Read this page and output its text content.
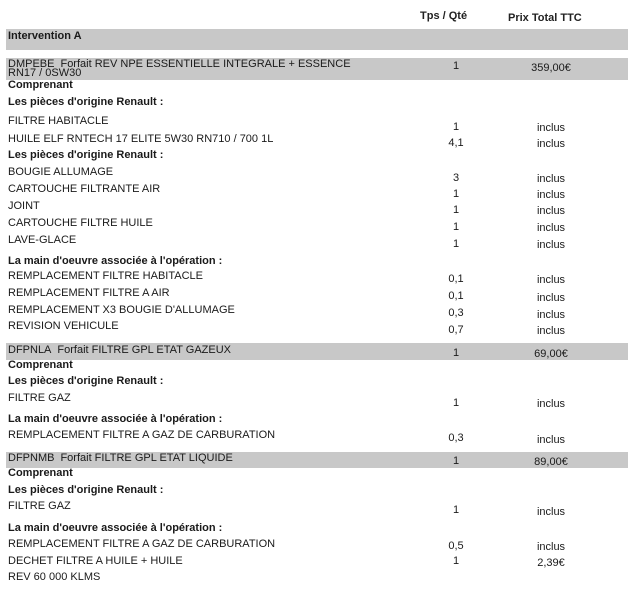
Tps / Qté	Prix Total TTC
Intervention A
DMPEBE Forfait REV NPE ESSENTIELLE INTEGRALE + ESSENCE	1	359,00€
RN17 / 0SW30
Comprenant
Les pièces d'origine Renault :
FILTRE HABITACLE	1	inclus
HUILE ELF RNTECH 17 ELITE 5W30 RN710 / 700 1L	4,1	inclus
Les pièces d'origine Renault :
BOUGIE ALLUMAGE	3	inclus
CARTOUCHE FILTRANTE AIR	1	inclus
JOINT	1	inclus
CARTOUCHE FILTRE HUILE	1	inclus
LAVE-GLACE	1	inclus
La main d'oeuvre associée à l'opération :
REMPLACEMENT FILTRE HABITACLE	0,1	inclus
REMPLACEMENT FILTRE A AIR	0,1	inclus
REMPLACEMENT X3 BOUGIE D'ALLUMAGE	0,3	inclus
REVISION VEHICULE	0,7	inclus
DFPNLA Forfait FILTRE GPL ETAT GAZEUX	1	69,00€
Comprenant
Les pièces d'origine Renault :
FILTRE GAZ	1	inclus
La main d'oeuvre associée à l'opération :
REMPLACEMENT FILTRE A GAZ DE CARBURATION	0,3	inclus
DFPNMB Forfait FILTRE GPL ETAT LIQUIDE	1	89,00€
Comprenant
Les pièces d'origine Renault :
FILTRE GAZ	1	inclus
La main d'oeuvre associée à l'opération :
REMPLACEMENT FILTRE A GAZ DE CARBURATION	0,5	inclus
DECHET FILTRE A HUILE + HUILE	1	2,39€
REV 60 000 KLMS
